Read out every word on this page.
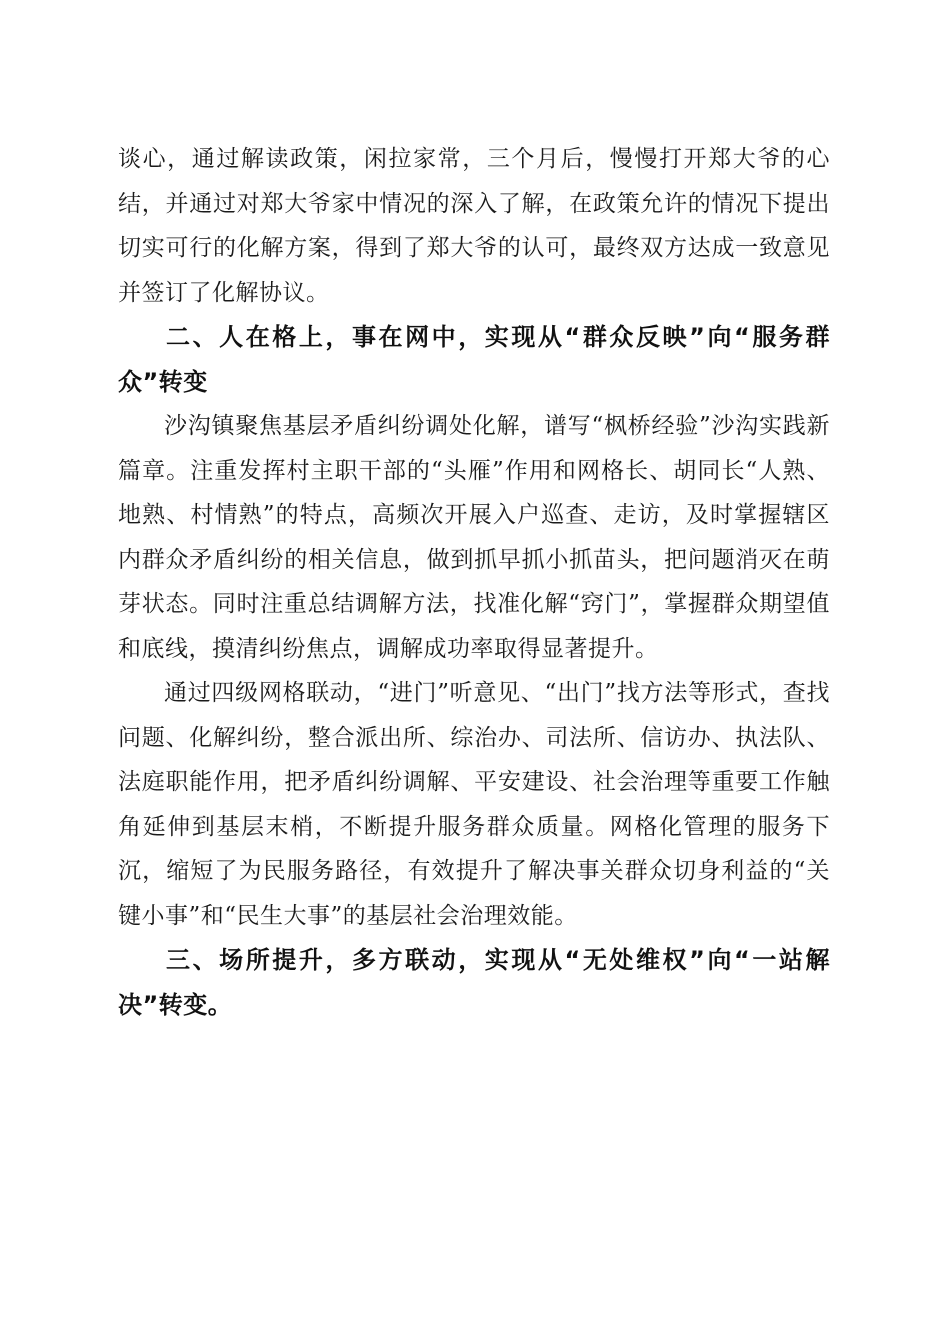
谈心，通过解读政策，闲拉家常，三个月后，慢慢打开郑大爷的心结，并通过对郑大爷家中情况的深入了解，在政策允许的情况下提出切实可行的化解方案，得到了郑大爷的认可，最终双方达成一致意见并签订了化解协议。

二、人在格上，事在网中，实现从“群众反映”向“服务群众”转变

沙沟镇聚焦基层矛盾纠纷调处化解，谱写“枫桥经验”沙沟实践新篇章。注重发挥村主职干部的“头雁”作用和网格长、胡同长“人熟、地熟、村情熟”的特点，高频次开展入户巡查、走访，及时掌握辖区内群众矛盾纠纷的相关信息，做到抓早抓小抓苗头，把问题消灭在萌芽状态。同时注重总结调解方法，找准化解“窍门”，掌握群众期望值和底线，摸清纠纷焦点，调解成功率取得显著提升。

通过四级网格联动，“进门”听意见、“出门”找方法等形式，查找问题、化解纠纷，整合派出所、综治办、司法所、信访办、执法队、法庭职能作用，把矛盾纠纷调解、平安建设、社会治理等重要工作触角延伸到基层末梢，不断提升服务群众质量。网格化管理的服务下沉，缩短了为民服务路径，有效提升了解决事关群众切身利益的“关键小事”和“民生大事”的基层社会治理效能。

三、场所提升，多方联动，实现从“无处维权”向“一站解决”转变。
